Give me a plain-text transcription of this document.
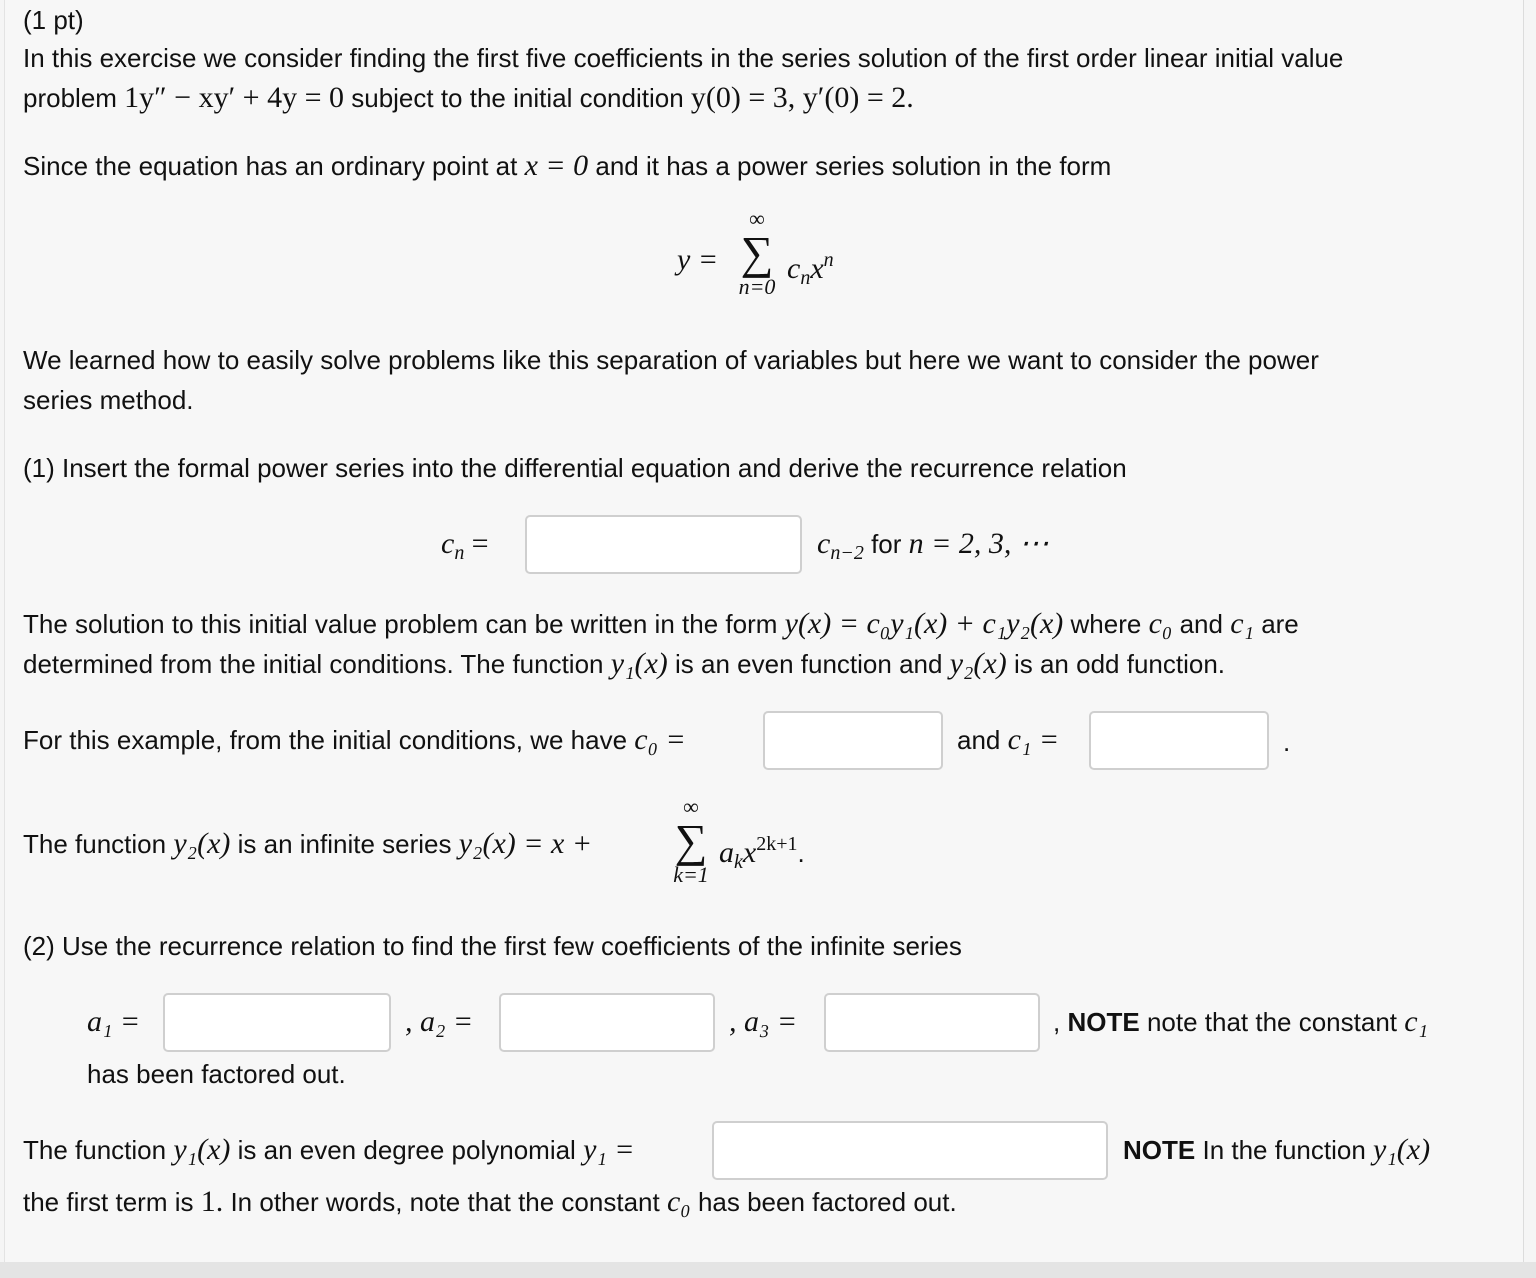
(1 pt)
In this exercise we consider finding the first five coefficients in the series solution of the first order linear initial value
problem 1y″ − xy′ + 4y = 0 subject to the initial condition y(0) = 3, y′(0) = 2.
Since the equation has an ordinary point at x = 0 and it has a power series solution in the form
y =
∞
∑
n=0
$c_nx^n$
We learned how to easily solve problems like this separation of variables but here we want to consider the power
series method.
(1) Insert the formal power series into the differential equation and derive the recurrence relation
$c_n$ =	$c_{n-2}$ for n = 2, 3, ⋯
The solution to this initial value problem can be written in the form y(x) = c₀y₁(x) + c₁y₂(x) where c₀ and c₁ are
determined from the initial conditions. The function y₁(x) is an even function and y₂(x) is an odd function.
For this example, from the initial conditions, we have c₀ =	and c₁ =	.
The function y₂(x) is an infinite series y₂(x) = x +
∞
∑
k=1
$a_kx^{2k+1}$.
(2) Use the recurrence relation to find the first few coefficients of the infinite series
a₁ =	, a₂ =	, a₃ =	, NOTE note that the constant c₁
has been factored out.
The function y₁(x) is an even degree polynomial y₁ =	NOTE In the function y₁(x)
the first term is 1. In other words, note that the constant c₀ has been factored out.
